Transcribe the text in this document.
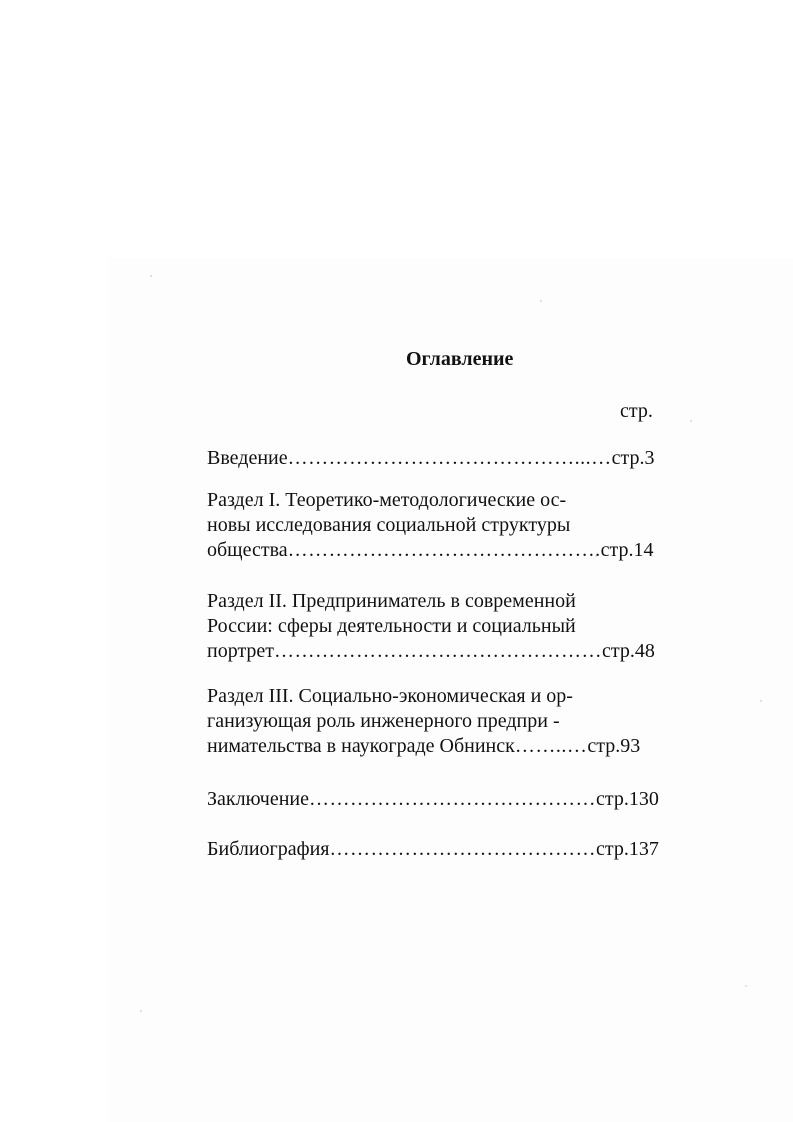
Оглавление
стр.
Введение……………………………………...…стр.3
Раздел I. Теоретико-методологические ос-
новы исследования социальной структуры
общества……………………………………….стр.14
Раздел II. Предприниматель в современной
России: сферы деятельности и социальный
портрет…………………………………………стр.48
Раздел III. Социально-экономическая и ор-
ганизующая роль инженерного предпри -
нимательства в наукограде Обнинск……..…стр.93
Заключение……………………………………стр.130
Библиография…………………………………стр.137
